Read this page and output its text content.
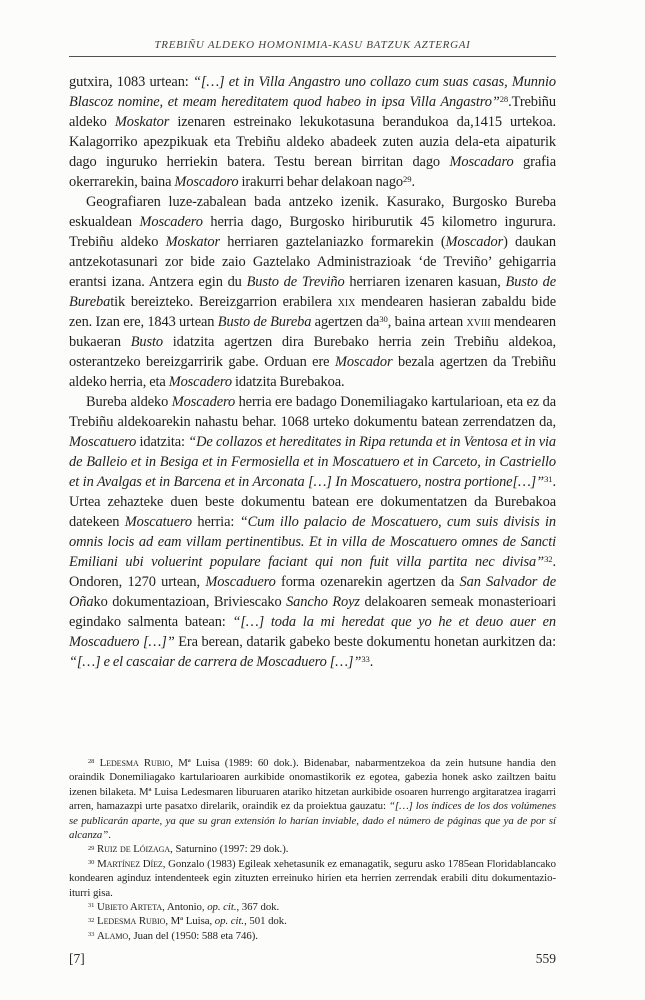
TREBIÑU ALDEKO HOMONIMIA-KASU BATZUK AZTERGAI

gutxira, 1083 urtean: “[…] et in Villa Angastro uno collazo cum suas casas, Munnio Blascoz nomine, et meam hereditatem quod habeo in ipsa Villa Angastro”$^{28}$.Trebiñu aldeko Moskator izenaren estreinako lekukotasuna berandukoa da,1415 urtekoa. Kalagorriko apezpikuak eta Trebiñu aldeko abadeek zuten auzia dela-eta aipaturik dago inguruko herriekin batera. Testu berean birritan dago Moscadaro grafia okerrarekin, baina Moscadoro irakurri behar delakoan nago$^{29}$.

Geografiaren luze-zabalean bada antzeko izenik. Kasurako, Burgosko Bureba eskualdean Moscadero herria dago, Burgosko hiriburutik 45 kilometro ingurura. Trebiñu aldeko Moskator herriaren gaztelaniazko formarekin (Moscador) daukan antzekotasunari zor bide zaio Gaztelako Administrazioak ‘de Treviño’ gehigarria erantsi izana. Antzera egin du Busto de Treviño herriaren izenaren kasuan, Busto de Burebatik bereizteko. Bereizgarrion erabilera xix mendearen hasieran zabaldu bide zen. Izan ere, 1843 urtean Busto de Bureba agertzen da$^{30}$, baina artean xviii mendearen bukaeran Busto idatzita agertzen dira Burebako herria zein Trebiñu aldekoa, osterantzeko bereizgarririk gabe. Orduan ere Moscador bezala agertzen da Trebiñu aldeko herria, eta Moscadero idatzita Burebakoa.

Bureba aldeko Moscadero herria ere badago Donemiliagako kartularioan, eta ez da Trebiñu aldekoarekin nahastu behar. 1068 urteko dokumentu batean zerrendatzen da, Moscatuero idatzita: “De collazos et hereditates in Ripa retunda et in Ventosa et in via de Balleio et in Besiga et in Fermosiella et in Moscatuero et in Carceto, in Castriello et in Avalgas et in Barcena et in Arconata […] In Moscatuero, nostra portione[…]”$^{31}$. Urtea zehazteke duen beste dokumentu batean ere dokumentatzen da Burebakoa datekeen Moscatuero herria: “Cum illo palacio de Moscatuero, cum suis divisis in omnis locis ad eam villam pertinentibus. Et in villa de Moscatuero omnes de Sancti Emiliani ubi voluerint populare faciant qui non fuit villa partita nec divisa”$^{32}$. Ondoren, 1270 urtean, Moscaduero forma ozenarekin agertzen da San Salvador de Oñako dokumentazioan, Briviescako Sancho Royz delakoaren semeak monasterioari egindako salmenta batean: “[…] toda la mi heredat que yo he et deuo auer en Moscaduero […]” Era berean, datarik gabeko beste dokumentu honetan aurkitzen da: “[…] e el cascaiar de carrera de Moscaduero […]”$^{33}$.

$^{28}$ Ledesma Rubio, Mª Luisa (1989: 60 dok.). Bidenabar, nabarmentzekoa da zein hutsune handia den oraindik Donemiliagako kartularioaren aurkibide onomastikorik ez egotea, gabezia honek asko zailtzen baitu izenen bilaketa. Mª Luisa Ledesmaren liburuaren atariko hitzetan aurkibide osoaren hurrengo argitaratzea iragarri arren, hamazazpi urte pasatxo direlarik, oraindik ez da proiektua gauzatu: “[…] los índices de los dos volúmenes se publicarán aparte, ya que su gran extensión lo harían inviable, dado el número de páginas que ya de por sí alcanza”.

$^{29}$ Ruiz de Lóizaga, Saturnino (1997: 29 dok.).

$^{30}$ Martínez Díez, Gonzalo (1983) Egileak xehetasunik ez emanagatik, seguru asko 1785ean Floridablancako kondearen aginduz intendenteek egin zituzten erreinuko hirien eta herrien zerrendak erabili ditu dokumentazio-iturri gisa.

$^{31}$ Ubieto Arteta, Antonio, op. cit., 367 dok.

$^{32}$ Ledesma Rubio, Mª Luisa, op. cit., 501 dok.

$^{33}$ Alamo, Juan del (1950: 588 eta 746).

[7]	559
